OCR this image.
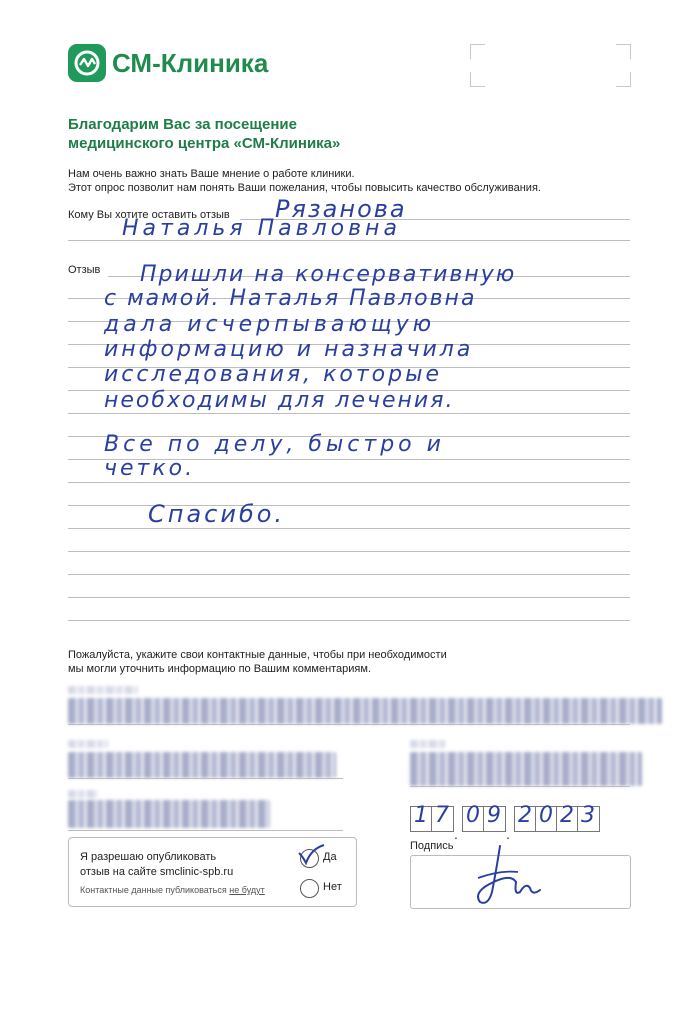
СМ-Клиника
Благодарим Вас за посещение
медицинского центра «СМ-Клиника»
Нам очень важно знать Ваше мнение о работе клиники.
Этот опрос позволит нам понять Ваши пожелания, чтобы повысить качество обслуживания.
Кому Вы хотите оставить отзыв Рязанова
Наталья Павловна
Отзыв Пришли на консервативную
с мамой. Наталья Павловна
дала исчерпывающую
информацию и назначила
исследования, которые
необходимы для лечения.
Все по делу, быстро и
четко.
Спасибо.
Пожалуйста, укажите свои контактные данные, чтобы при необходимости
мы могли уточнить информацию по Вашим комментариям.
1 7
.
0 9
.
2 0 2 3
Я разрешаю опубликовать
отзыв на сайте smclinic-spb.ru
Контактные данные публиковаться не будут
Да
Нет
Подпись
